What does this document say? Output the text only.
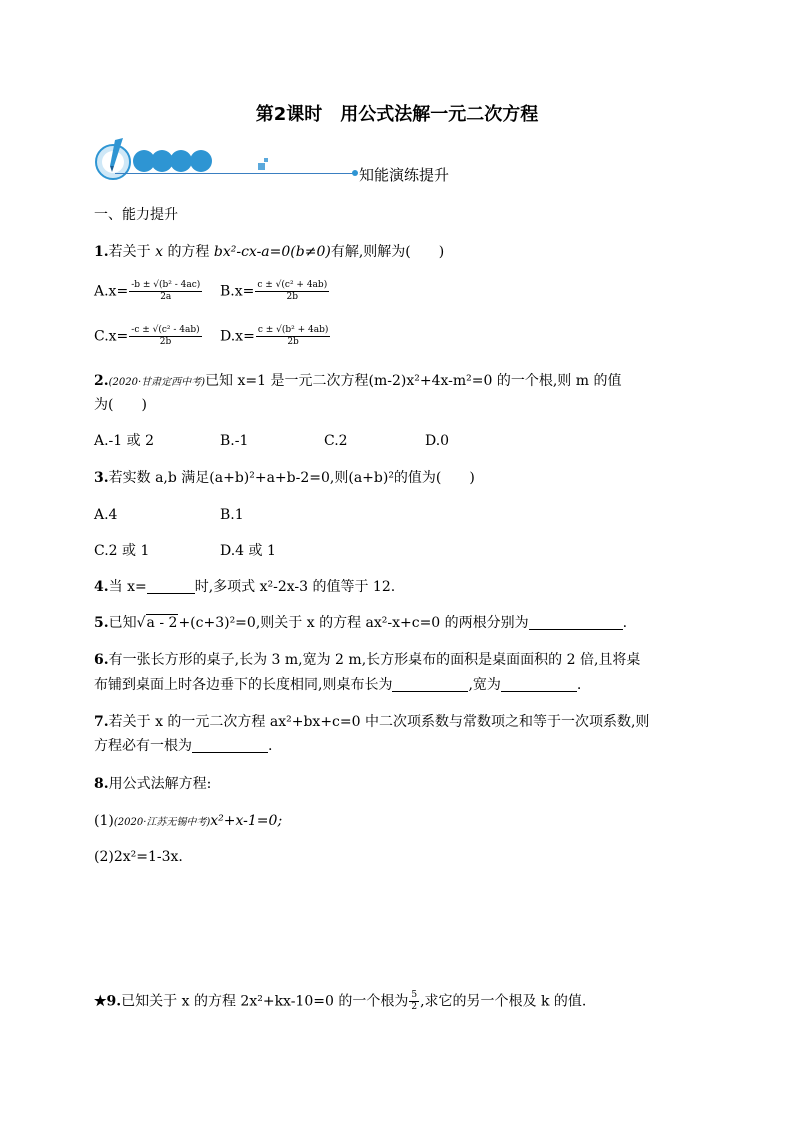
第2课时　用公式法解一元二次方程
知能演练提升
一、能力提升
1.若关于 x 的方程 bx²-cx-a=0(b≠0)有解,则解为(　　)
$A.x= \frac{\text{-b ± √(b² - 4ac)}}{2a} B.x= \frac{\text{c ± √(c² + 4ab)}}{2b}$
$C.x= \frac{\text{-c ± √(c² - 4ab)}}{2b} D.x= \frac{\text{c ± √(b² + 4ab)}}{2b}$
2.(2020·甘肃定西中考)已知 x=1 是一元二次方程(m-2)x²+4x-m²=0 的一个根,则 m 的值
为(　　)
A.-1 或 2	B.-1	C.2	D.0
3.若实数 a,b 满足(a+b)²+a+b-2=0,则(a+b)²的值为(　　)
A.4	B.1
C.2 或 1	D.4 或 1
4.当 x=	时,多项式 x²-2x-3 的值等于 12.
5.已知√a - 2+(c+3)²=0,则关于 x 的方程 ax²-x+c=0 的两根分别为	.
6.有一张长方形的桌子,长为 3 m,宽为 2 m,长方形桌布的面积是桌面面积的 2 倍,且将桌
布铺到桌面上时各边垂下的长度相同,则桌布长为	,宽为	.
7.若关于 x 的一元二次方程 ax²+bx+c=0 中二次项系数与常数项之和等于一次项系数,则
方程必有一根为	.
8.用公式法解方程:
(1)(2020·江苏无锡中考)x²+x-1=0;
(2)2x²=1-3x.
★9.已知关于 x 的方程 2x²+kx-10=0 的一个根为 $\frac{5}{2}$ ,求它的另一个根及 k 的值.
